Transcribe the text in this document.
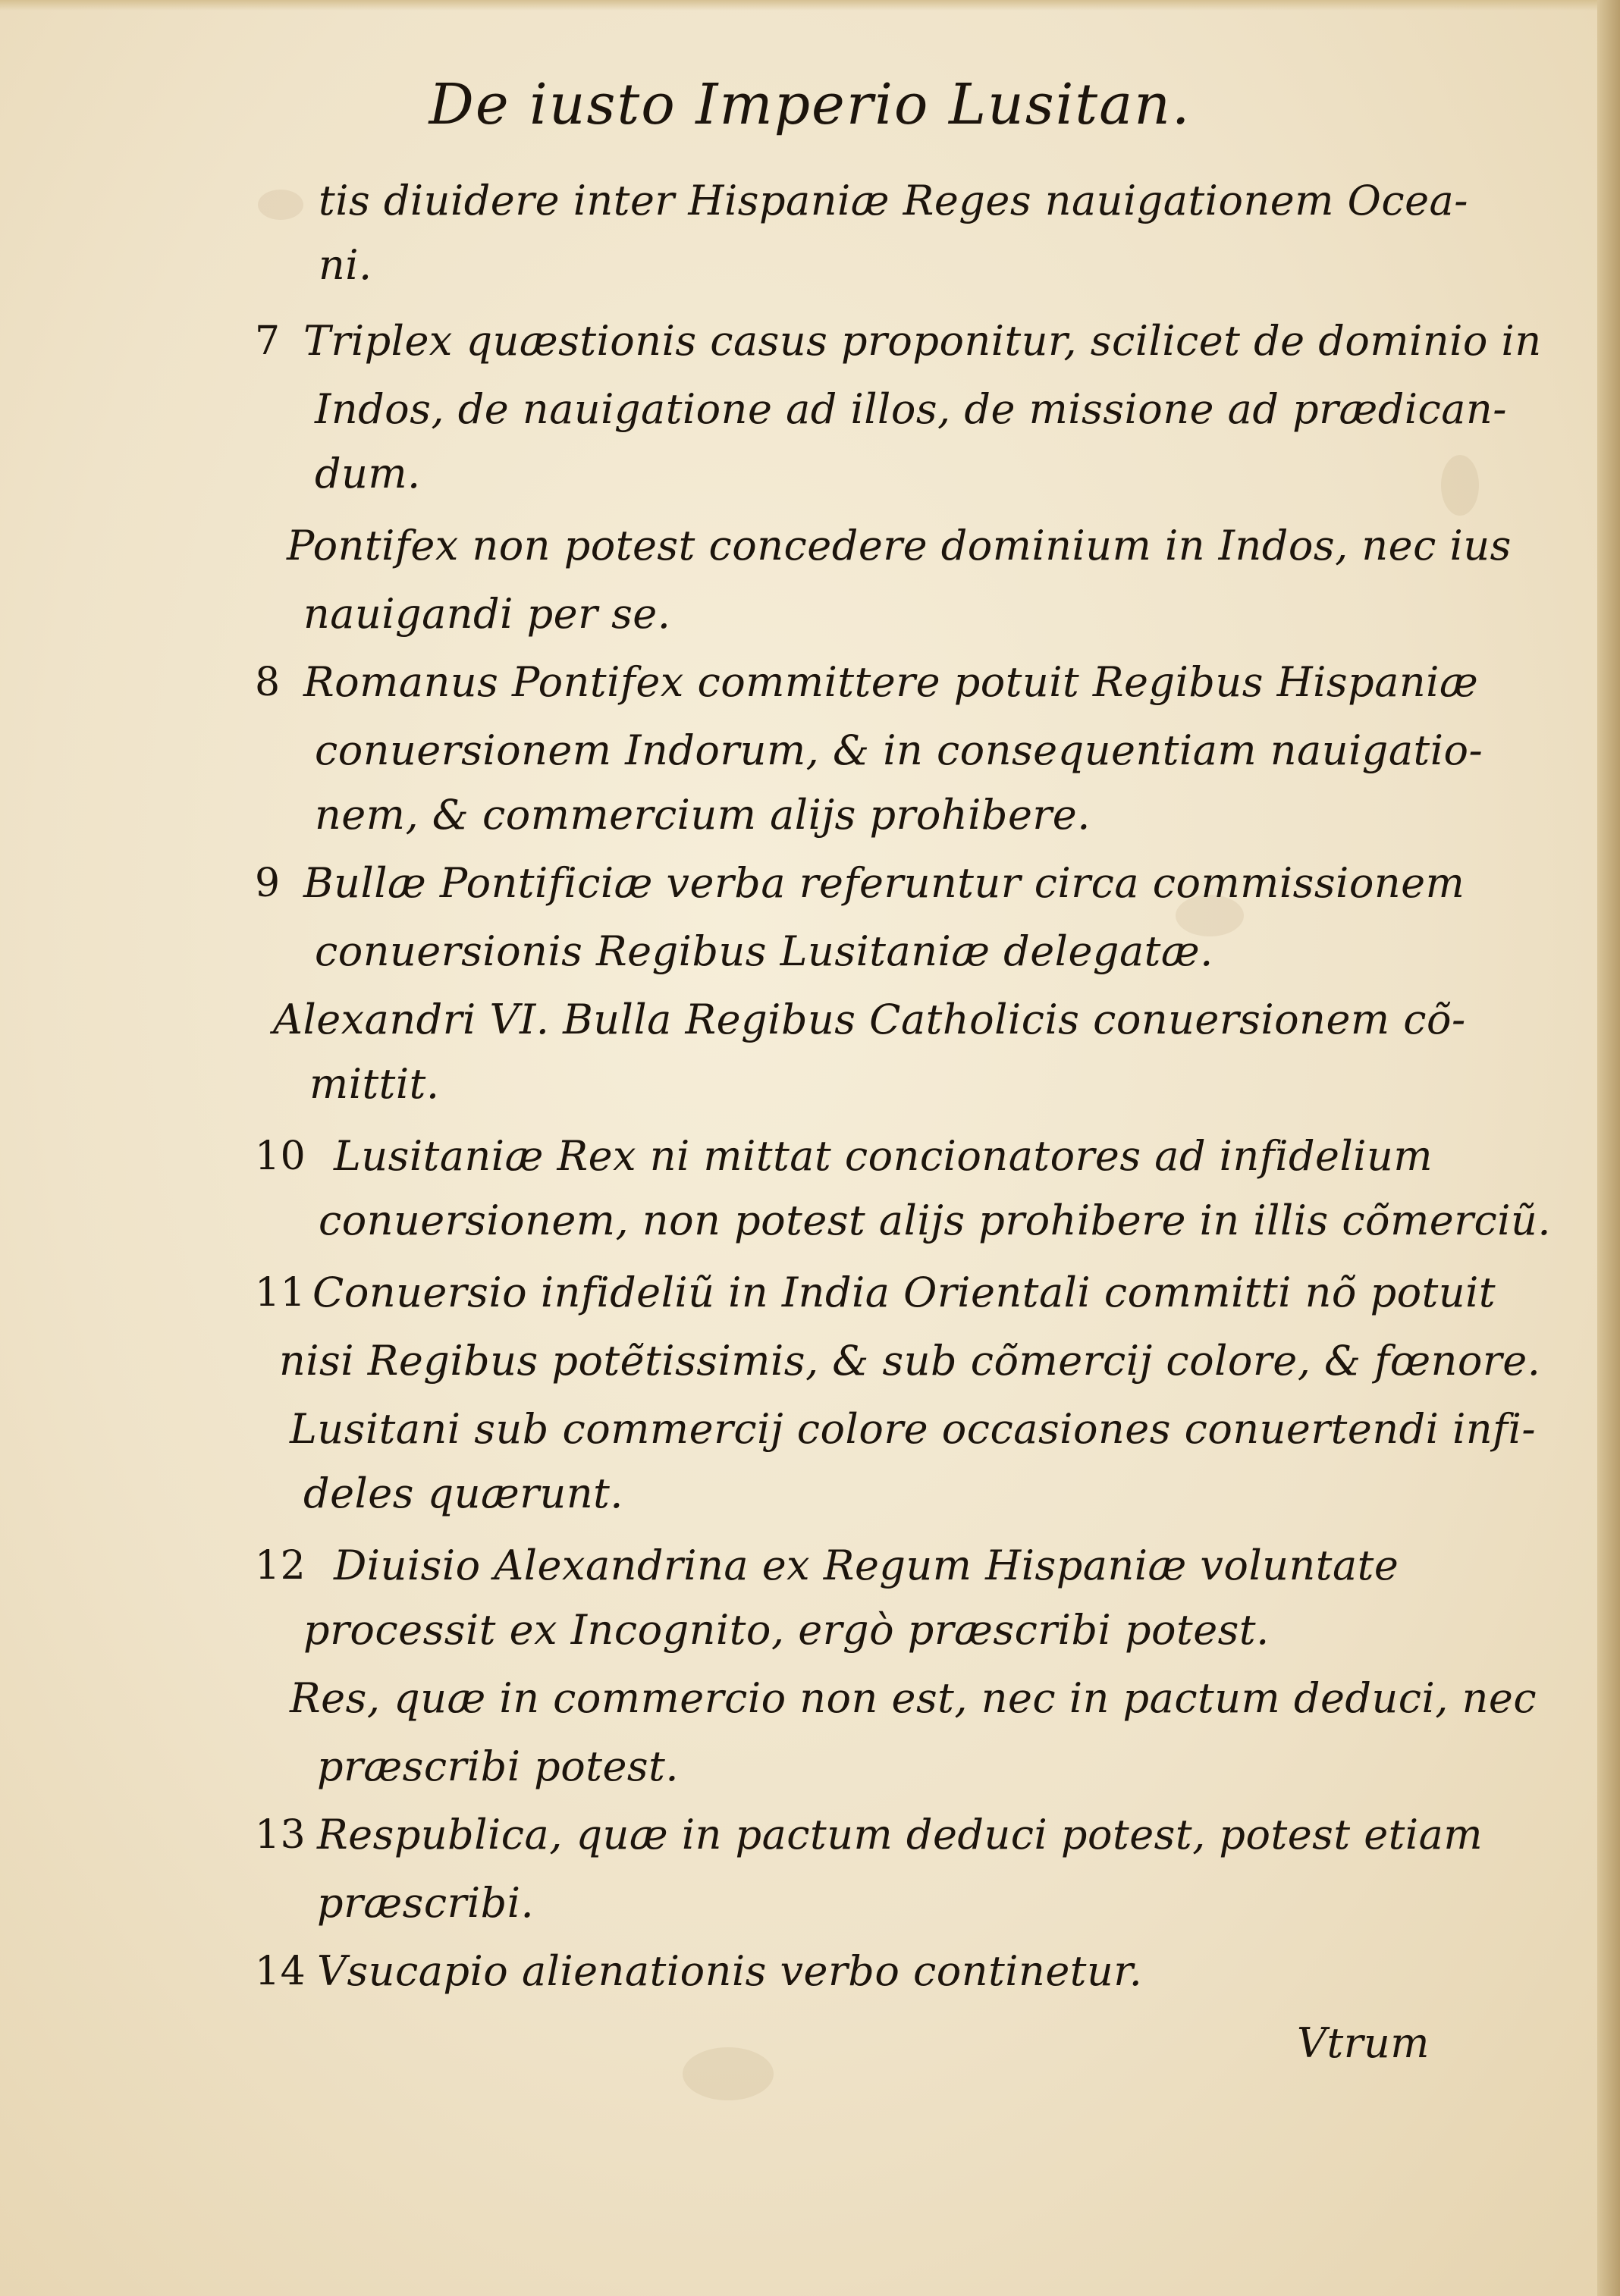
De iusto Imperio Lusitan.
tis diuidere inter Hispaniæ Reges nauigationem Ocea-
ni.
7 Triplex quæstionis casus proponitur, scilicet de dominio in
Indos, de nauigatione ad illos, de missione ad prædican-
dum.
Pontifex non potest concedere dominium in Indos, nec ius
nauigandi per se.
8 Romanus Pontifex committere potuit Regibus Hispaniæ
conuersionem Indorum, & in consequentiam nauigatio-
nem, & commercium alijs prohibere.
9 Bullæ Pontificiæ verba referuntur circa commissionem
conuersionis Regibus Lusitaniæ delegatæ.
Alexandri VI. Bulla Regibus Catholicis conuersionem cõ-
mittit.
10 Lusitaniæ Rex ni mittat concionatores ad infidelium
conuersionem, non potest alijs prohibere in illis cõmerciũ.
11 Conuersio infideliũ in India Orientali committi nõ potuit
nisi Regibus potẽtissimis, & sub cõmercij colore, & fœnore.
Lusitani sub commercij colore occasiones conuertendi infi-
deles quærunt.
12 Diuisio Alexandrina ex Regum Hispaniæ voluntate
processit ex Incognito, ergò præscribi potest.
Res, quæ in commercio non est, nec in pactum deduci, nec
præscribi potest.
13 Respublica, quæ in pactum deduci potest, potest etiam
præscribi.
14 Vsucapio alienationis verbo continetur.
Vtrum
